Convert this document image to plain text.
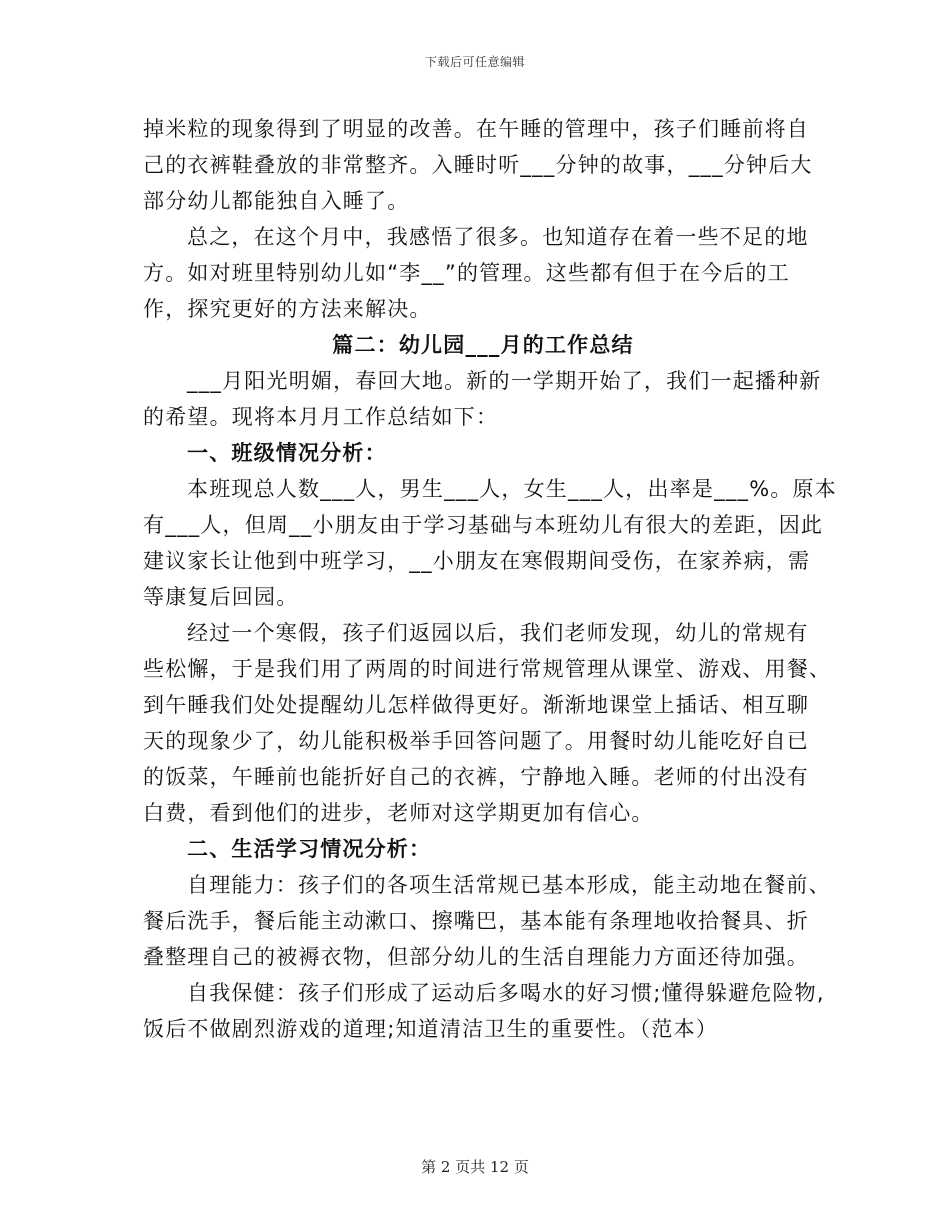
下载后可任意编辑
掉米粒的现象得到了明显的改善。在午睡的管理中，孩子们睡前将自
己的衣裤鞋叠放的非常整齐。入睡时听___分钟的故事，___分钟后大
部分幼儿都能独自入睡了。
总之，在这个月中，我感悟了很多。也知道存在着一些不足的地
方。如对班里特别幼儿如“李__”的管理。这些都有但于在今后的工
作，探究更好的方法来解决。
篇二：幼儿园___月的工作总结
___月阳光明媚，春回大地。新的一学期开始了，我们一起播种新
的希望。现将本月月工作总结如下：
一、班级情况分析：
本班现总人数___人，男生___人，女生___人，出率是___%。原本
有___人，但周__小朋友由于学习基础与本班幼儿有很大的差距，因此
建议家长让他到中班学习，__小朋友在寒假期间受伤，在家养病，需
等康复后回园。
经过一个寒假，孩子们返园以后，我们老师发现，幼儿的常规有
些松懈，于是我们用了两周的时间进行常规管理从课堂、游戏、用餐、
到午睡我们处处提醒幼儿怎样做得更好。渐渐地课堂上插话、相互聊
天的现象少了，幼儿能积极举手回答问题了。用餐时幼儿能吃好自已
的饭菜，午睡前也能折好自己的衣裤，宁静地入睡。老师的付出没有
白费，看到他们的进步，老师对这学期更加有信心。
二、生活学习情况分析：
自理能力：孩子们的各项生活常规已基本形成，能主动地在餐前、
餐后洗手，餐后能主动漱口、擦嘴巴，基本能有条理地收拾餐具、折
叠整理自己的被褥衣物，但部分幼儿的生活自理能力方面还待加强。
自我保健：孩子们形成了运动后多喝水的好习惯;懂得躲避危险物,
饭后不做剧烈游戏的道理;知道清洁卫生的重要性。（范本）
第 2 页共 12 页
